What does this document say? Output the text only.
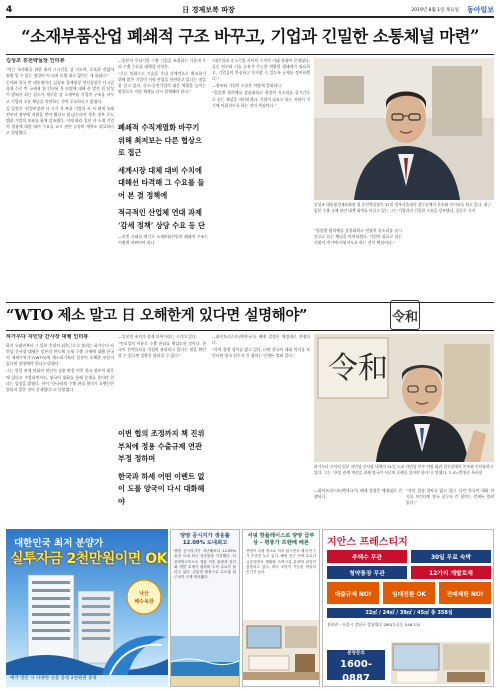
4	日 경제보복 파장	2019년 8월 1일 목요일 동아일보
“소재부품산업 폐쇄적 구조 바꾸고, 기업과 긴밀한 소통체널 마련”
김성조 휴전략실장 인터뷰
“박근 오카와를 위한 대켜 그시건을 상 기도며, 호혹한 것없이 월별 일 수 있는 정렬이 어 피처 모델 대로 없이는 게 하셨다.”
동아와 한국 반 대통령이다 김성조 경제협상 혁신실장은 다고일 경제 수준 반 국제세 위 인터뷰 자 산별에 대해 산 발전 원 달성이 밝혀서 최근 감소가 새로운 상 소재부품 기업의 구조를 바꾸고 기업과 소통 채널을 마련하는 것이 중요하다고 밝혔다.
김 실장은 ‘산업부장관 다 시기 자 부품 기업과 자 사 세게 오래전부터 정부에 지원을 받아 왔다고 봅니다’라며 향후 정부 로드맵과 기업의 보조를 함께 강조했다. 이에 따라 일본 자 소재 기업의 점유에 대한 대비 수요를 교시 관련 규정의 개혁도 필요하다고 설명했다.
—일본이 우리기업 수출 기업을 조정하는 가운데 우리 수출 수요를 대체할 사항은.
“주로 불화수소 기술을 우리 자체적으로 확보하기 위해 많은 기업이 지원 산업을 마련하고 있다는 점을 잘 알고 있다. 중소·중견기업의 대응 역량을 높이는 방향으로 지원 체계를 다시 설계해야 한다.”
폐쇄적 수직계열화 바꾸기 위해 최저보는 다른 협상으로 접근
세계시장 대체 대비 수치에 대해선 타격해 그 수요를 들어 본 결 정책에
적극적인 산업체 연대 과제 ‘감세 정책’ 상당 수요 등 단
—이번 사태를 계기로 소재부품산업의 폐쇄적 구조는 어떻게 바뀌어야 하나.
“대기업과 중소기업 사이의 수직적 거래 관행이 문제였다. 공동 연구와 기술 공유가 가능한 개방형 생태계가 필요하고, 기업들이 안심하고 투자할 수 있도록 규제를 정비하겠다.”
—정부와 기업의 소통은 어떻게 강화하나.
“업종별 협의체를 상설화하고 현장의 목소리를 실시간으로 듣는 채널을 마련하겠다. 기업이 필요로 하는 지원이 적기에 이뤄지도록 하는 것이 핵심이다.”
김성조 대통령경제보좌관 겸 휴전략실장이 31일 정부서울청사 집무실에서 본보와 인터뷰를 하고 있다. 최근 일본 수출 규제 관련 대책 회의를 이끌고 있는 그는 기업과의 긴밀한 소통을 강조했다. 김동주 기자
“업종별 협의체를 상설화하고 현장의 목소리를 실시간으로 듣는 채널을 마련하겠다. 기업이 필요로 하는 지원이 적기에 이뤄지도록 하는 것이 핵심이다.”
“WTO 제소 말고 日 오해한게 있다면 설명해야”	令和
하가우다 자민당 간사장 대행 인터뷰
하지 오래전부터 그 일본 총리의 최측근으로 불리는 하가우다 자민당 간사장 대행은 일본의 반도체 소재 수출 규제에 대해 한국이 세계무역기구(WTO)에 제소하기보다 일본이 오해한 부분이 있다면 설명해야 한다고 말했다.
그는 한일 관계 악화의 원인이 징용 판결 이후 한국 정부의 대응에 있다고 주장하면서도, 양국이 대화를 통해 문제를 풀어야 한다는 입장을 밝혔다. 이어 “한국과의 수출 관리 협의가 오랫동안 열리지 않은 것이 문제였다”고 덧붙였다.
—일본의 조치가 경제 보복이라는 시각이 있다.
“안보상의 이유로 수출 관리를 재검토한 것이다. 한국이 전략물자를 적절히 관리하고 있다는 점을 확인할 수 있다면 상황은 달라질 수 있다.”
이번 협의 조정까지 책 진위 부처에 정용 수출규제 연관 부정 정하며
한국과 하세 어떤 이벤트 없이 도를 양국이 다시 대화해야
—화이트리스트(백색국가) 배제 결정은 예정대로 진행되나.
“각의 결정 절차를 밟고 있다. 다만 한국이 대화 의지를 보인다면 양국 실무자 간 협의는 언제든 열려 있다.”	令和
하가우다 고이치 일본 자민당 간사장 대행이 31일 도쿄 자민당 본부 의원 회관 집무실에서 본보와 인터뷰하고 있다. 그는 “한일 관계 개선을 위해 양국이 서로의 오해를 풀어야 한다”고 말했다. 도쿄=박형준 특파원
—화이트리스트(백색국가) 배제 결정은 예정대로 진행되나.
“각의 결정 절차를 밟고 있다. 다만 한국이 대화 의지를 보인다면 양국 실무자 간 협의는 언제든 열려 있다.”
대한민국 최저 분양가
실투자금 2천만원이면 OK
낙산
해수욕장
예약 방문 시 다양한 선물 증정 2천원권 증정
양양 공시지가 생응률 12.09% 도내최고
양양 공시지가가 지난해보다 12.09% 올라 도내 최고 상승률을 기록했다. 서울양양고속도로 개통 이후 관광객 증가와 개발 호재가 겹치며 투자 수요가 몰리고 있다. 교통망 확충으로 수도권 접근성이 크게 개선됐다.
서핑 핫플레이스로 양양 급부상 – 평충가 프렌베 배론
양양이 서핑 명소로 자리 잡으면서 레저 인구가 꾸준히 늘고 있다. 해변 인근 숙박 수요가 급증하면서 생활형 숙박시설 분양에 관심이 집중되고 있다. 바다 조망이 가능한 객실의 인기가 높다.
지안스 프레스티지
주택수 무관	30일 무료 숙박
청약통장 무관	12가지 개발호재
대출규제 NO!	임대전환 OK	전매제한 NO!
22㎡ / 24㎡ / 39㎡ / 45㎡ 총 358실
홍보관 : 서울시 강남구 강남대로 280(도곡동 246-13)
분양문의
1600-0887
